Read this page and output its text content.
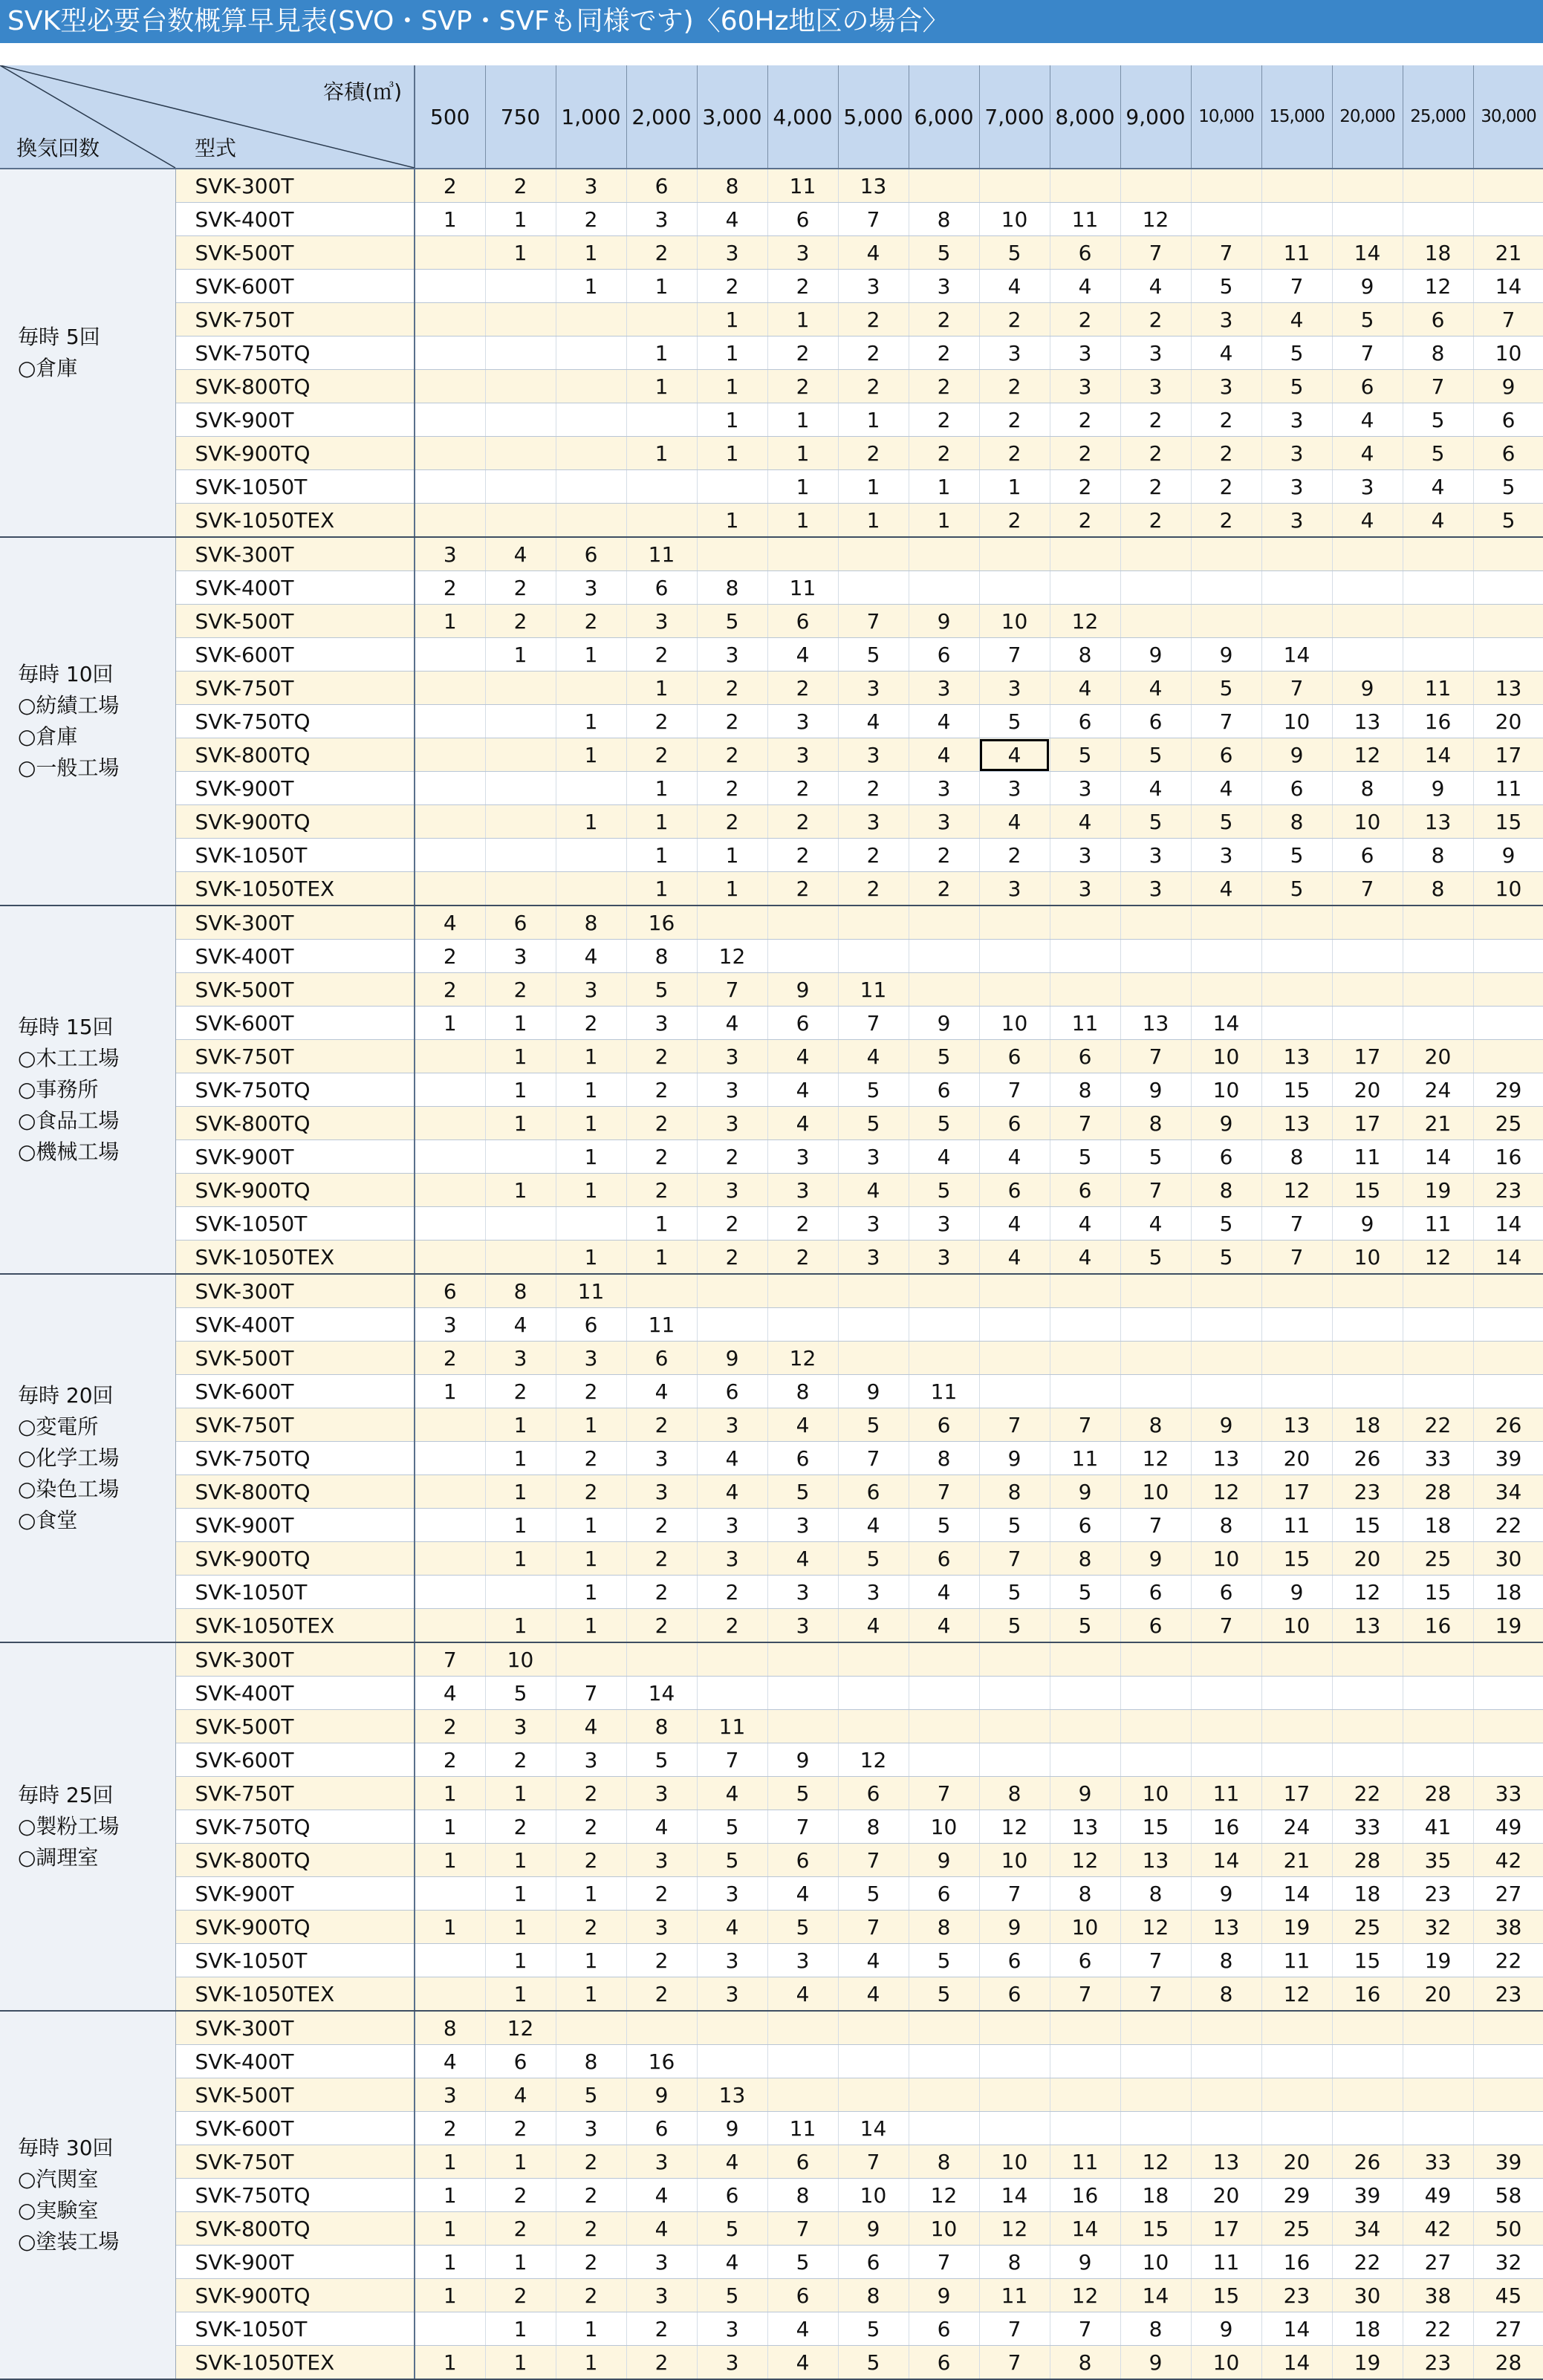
SVK型必要台数概算早見表(SVO・SVP・SVFも同様です)〈60Hz地区の場合〉
容積(㎥)
換気回数 型式		500	750	1,000	2,000	3,000	4,000	5,000	6,000	7,000	8,000	9,000	10,000	15,000	20,000	25,000	30,000

毎時 5回
○倉庫	SVK-300T	2	2	3	6	8	11	13									
	SVK-400T	1	1	2	3	4	6	7	8	10	11	12					
	SVK-500T		1	1	2	3	3	4	5	5	6	7	7	11	14	18	21
	SVK-600T			1	1	2	2	3	3	4	4	4	5	7	9	12	14
	SVK-750T					1	1	2	2	2	2	2	3	4	5	6	7
	SVK-750TQ				1	1	2	2	2	3	3	3	4	5	7	8	10
	SVK-800TQ				1	1	2	2	2	2	3	3	3	5	6	7	9
	SVK-900T					1	1	1	2	2	2	2	2	3	4	5	6
	SVK-900TQ				1	1	1	2	2	2	2	2	2	3	4	5	6
	SVK-1050T						1	1	1	1	2	2	2	3	3	4	5
	SVK-1050TEX					1	1	1	1	2	2	2	2	3	4	4	5

毎時 10回
○紡績工場
○倉庫
○一般工場	SVK-300T	3	4	6	11												
	SVK-400T	2	2	3	6	8	11										
	SVK-500T	1	2	2	3	5	6	7	9	10	12						
	SVK-600T		1	1	2	3	4	5	6	7	8	9	9	14			
	SVK-750T				1	2	2	3	3	3	4	4	5	7	9	11	13
	SVK-750TQ			1	2	2	3	4	4	5	6	6	7	10	13	16	20
	SVK-800TQ			1	2	2	3	3	4	4	5	5	6	9	12	14	17
	SVK-900T				1	2	2	2	3	3	3	4	4	6	8	9	11
	SVK-900TQ			1	1	2	2	3	3	4	4	5	5	8	10	13	15
	SVK-1050T				1	1	2	2	2	2	3	3	3	5	6	8	9
	SVK-1050TEX				1	1	2	2	2	3	3	3	4	5	7	8	10

毎時 15回
○木工工場
○事務所
○食品工場
○機械工場	SVK-300T	4	6	8	16												
	SVK-400T	2	3	4	8	12											
	SVK-500T	2	2	3	5	7	9	11									
	SVK-600T	1	1	2	3	4	6	7	9	10	11	13	14				
	SVK-750T		1	1	2	3	4	4	5	6	6	7	10	13	17	20	
	SVK-750TQ		1	1	2	3	4	5	6	7	8	9	10	15	20	24	29
	SVK-800TQ		1	1	2	3	4	5	5	6	7	8	9	13	17	21	25
	SVK-900T			1	2	2	3	3	4	4	5	5	6	8	11	14	16
	SVK-900TQ		1	1	2	3	3	4	5	6	6	7	8	12	15	19	23
	SVK-1050T				1	2	2	3	3	4	4	4	5	7	9	11	14
	SVK-1050TEX			1	1	2	2	3	3	4	4	5	5	7	10	12	14

毎時 20回
○変電所
○化学工場
○染色工場
○食堂	SVK-300T	6	8	11													
	SVK-400T	3	4	6	11												
	SVK-500T	2	3	3	6	9	12										
	SVK-600T	1	2	2	4	6	8	9	11								
	SVK-750T		1	1	2	3	4	5	6	7	7	8	9	13	18	22	26
	SVK-750TQ		1	2	3	4	6	7	8	9	11	12	13	20	26	33	39
	SVK-800TQ		1	2	3	4	5	6	7	8	9	10	12	17	23	28	34
	SVK-900T		1	1	2	3	3	4	5	5	6	7	8	11	15	18	22
	SVK-900TQ		1	1	2	3	4	5	6	7	8	9	10	15	20	25	30
	SVK-1050T			1	2	2	3	3	4	5	5	6	6	9	12	15	18
	SVK-1050TEX		1	1	2	2	3	4	4	5	5	6	7	10	13	16	19

毎時 25回
○製粉工場
○調理室	SVK-300T	7	10														
	SVK-400T	4	5	7	14												
	SVK-500T	2	3	4	8	11											
	SVK-600T	2	2	3	5	7	9	12									
	SVK-750T	1	1	2	3	4	5	6	7	8	9	10	11	17	22	28	33
	SVK-750TQ	1	2	2	4	5	7	8	10	12	13	15	16	24	33	41	49
	SVK-800TQ	1	1	2	3	5	6	7	9	10	12	13	14	21	28	35	42
	SVK-900T		1	1	2	3	4	5	6	7	8	8	9	14	18	23	27
	SVK-900TQ	1	1	2	3	4	5	7	8	9	10	12	13	19	25	32	38
	SVK-1050T		1	1	2	3	3	4	5	6	6	7	8	11	15	19	22
	SVK-1050TEX		1	1	2	3	4	4	5	6	7	7	8	12	16	20	23

毎時 30回
○汽関室
○実験室
○塗装工場	SVK-300T	8	12														
	SVK-400T	4	6	8	16												
	SVK-500T	3	4	5	9	13											
	SVK-600T	2	2	3	6	9	11	14									
	SVK-750T	1	1	2	3	4	6	7	8	10	11	12	13	20	26	33	39
	SVK-750TQ	1	2	2	4	6	8	10	12	14	16	18	20	29	39	49	58
	SVK-800TQ	1	2	2	4	5	7	9	10	12	14	15	17	25	34	42	50
	SVK-900T	1	1	2	3	4	5	6	7	8	9	10	11	16	22	27	32
	SVK-900TQ	1	2	2	3	5	6	8	9	11	12	14	15	23	30	38	45
	SVK-1050T		1	1	2	3	4	5	6	7	7	8	9	14	18	22	27
	SVK-1050TEX	1	1	1	2	3	4	5	6	7	8	9	10	14	19	23	28
